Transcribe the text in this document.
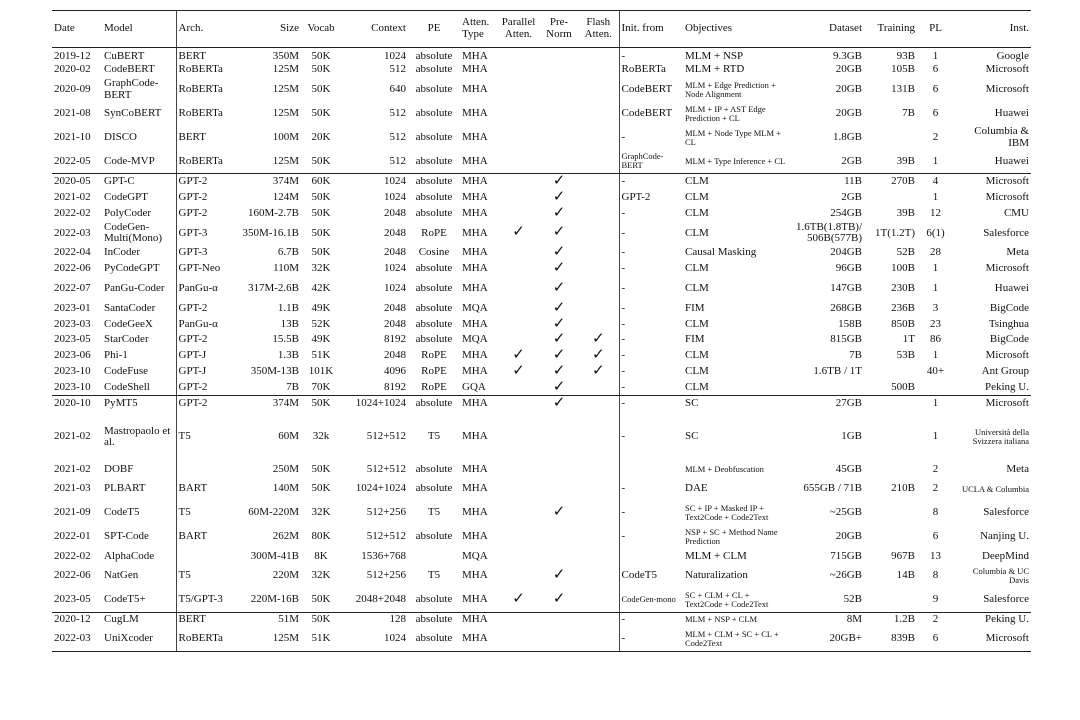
Date	Model	Arch.	Size	Vocab	Context	PE	Atten. Type	Parallel Atten.	Pre- Norm	Flash Atten.	Init. from	Objectives	Dataset	Training	PL	Inst.
2019-12	CuBERT	BERT	350M	50K	1024	absolute	MHA				-	MLM + NSP	9.3GB	93B	1	Google
2020-02	CodeBERT	RoBERTa	125M	50K	512	absolute	MHA				RoBERTa	MLM + RTD	20GB	105B	6	Microsoft
2020-09	GraphCode-BERT	RoBERTa	125M	50K	640	absolute	MHA				CodeBERT	MLM + Edge Prediction + Node Alignment	20GB	131B	6	Microsoft
2021-08	SynCoBERT	RoBERTa	125M	50K	512	absolute	MHA				CodeBERT	MLM + IP + AST Edge Prediction + CL	20GB	7B	6	Huawei
2021-10	DISCO	BERT	100M	20K	512	absolute	MHA				-	MLM + Node Type MLM + CL	1.8GB		2	Columbia & IBM
2022-05	Code-MVP	RoBERTa	125M	50K	512	absolute	MHA				GraphCode-BERT	MLM + Type Inference + CL	2GB	39B	1	Huawei
2020-05	GPT-C	GPT-2	374M	60K	1024	absolute	MHA		✓		-	CLM	11B	270B	4	Microsoft
2021-02	CodeGPT	GPT-2	124M	50K	1024	absolute	MHA		✓		GPT-2	CLM	2GB		1	Microsoft
2022-02	PolyCoder	GPT-2	160M-2.7B	50K	2048	absolute	MHA		✓		-	CLM	254GB	39B	12	CMU
2022-03	CodeGen-Multi(Mono)	GPT-3	350M-16.1B	50K	2048	RoPE	MHA	✓	✓		-	CLM	1.6TB(1.8TB)/ 506B(577B)	1T(1.2T)	6(1)	Salesforce
2022-04	InCoder	GPT-3	6.7B	50K	2048	Cosine	MHA		✓		-	Causal Masking	204GB	52B	28	Meta
2022-06	PyCodeGPT	GPT-Neo	110M	32K	1024	absolute	MHA		✓		-	CLM	96GB	100B	1	Microsoft
2022-07	PanGu-Coder	PanGu-α	317M-2.6B	42K	1024	absolute	MHA		✓		-	CLM	147GB	230B	1	Huawei
2023-01	SantaCoder	GPT-2	1.1B	49K	2048	absolute	MQA		✓		-	FIM	268GB	236B	3	BigCode
2023-03	CodeGeeX	PanGu-α	13B	52K	2048	absolute	MHA		✓		-	CLM	158B	850B	23	Tsinghua
2023-05	StarCoder	GPT-2	15.5B	49K	8192	absolute	MQA		✓	✓	-	FIM	815GB	1T	86	BigCode
2023-06	Phi-1	GPT-J	1.3B	51K	2048	RoPE	MHA	✓	✓	✓	-	CLM	7B	53B	1	Microsoft
2023-10	CodeFuse	GPT-J	350M-13B	101K	4096	RoPE	MHA	✓	✓	✓	-	CLM	1.6TB / 1T		40+	Ant Group
2023-10	CodeShell	GPT-2	7B	70K	8192	RoPE	GQA		✓		-	CLM		500B		Peking U.
2020-10	PyMT5	GPT-2	374M	50K	1024+1024	absolute	MHA		✓		-	SC	27GB		1	Microsoft
2021-02	Mastropaolo et al.	T5	60M	32k	512+512	T5	MHA				-	SC	1GB		1	Università della Svizzera italiana
2021-02	DOBF		250M	50K	512+512	absolute	MHA					MLM + Deobfuscation	45GB		2	Meta
2021-03	PLBART	BART	140M	50K	1024+1024	absolute	MHA				-	DAE	655GB / 71B	210B	2	UCLA & Columbia
2021-09	CodeT5	T5	60M-220M	32K	512+256	T5	MHA		✓		-	SC + IP + Masked IP + Text2Code + Code2Text	~25GB		8	Salesforce
2022-01	SPT-Code	BART	262M	80K	512+512	absolute	MHA				-	NSP + SC + Method Name Prediction	20GB		6	Nanjing U.
2022-02	AlphaCode		300M-41B	8K	1536+768		MQA					MLM + CLM	715GB	967B	13	DeepMind
2022-06	NatGen	T5	220M	32K	512+256	T5	MHA		✓		CodeT5	Naturalization	~26GB	14B	8	Columbia & UC Davis
2023-05	CodeT5+	T5/GPT-3	220M-16B	50K	2048+2048	absolute	MHA	✓	✓		CodeGen-mono	SC + CLM + CL + Text2Code + Code2Text	52B		9	Salesforce
2020-12	CugLM	BERT	51M	50K	128	absolute	MHA				-	MLM + NSP + CLM	8M	1.2B	2	Peking U.
2022-03	UniXcoder	RoBERTa	125M	51K	1024	absolute	MHA				-	MLM + CLM + SC + CL + Code2Text	20GB+	839B	6	Microsoft
